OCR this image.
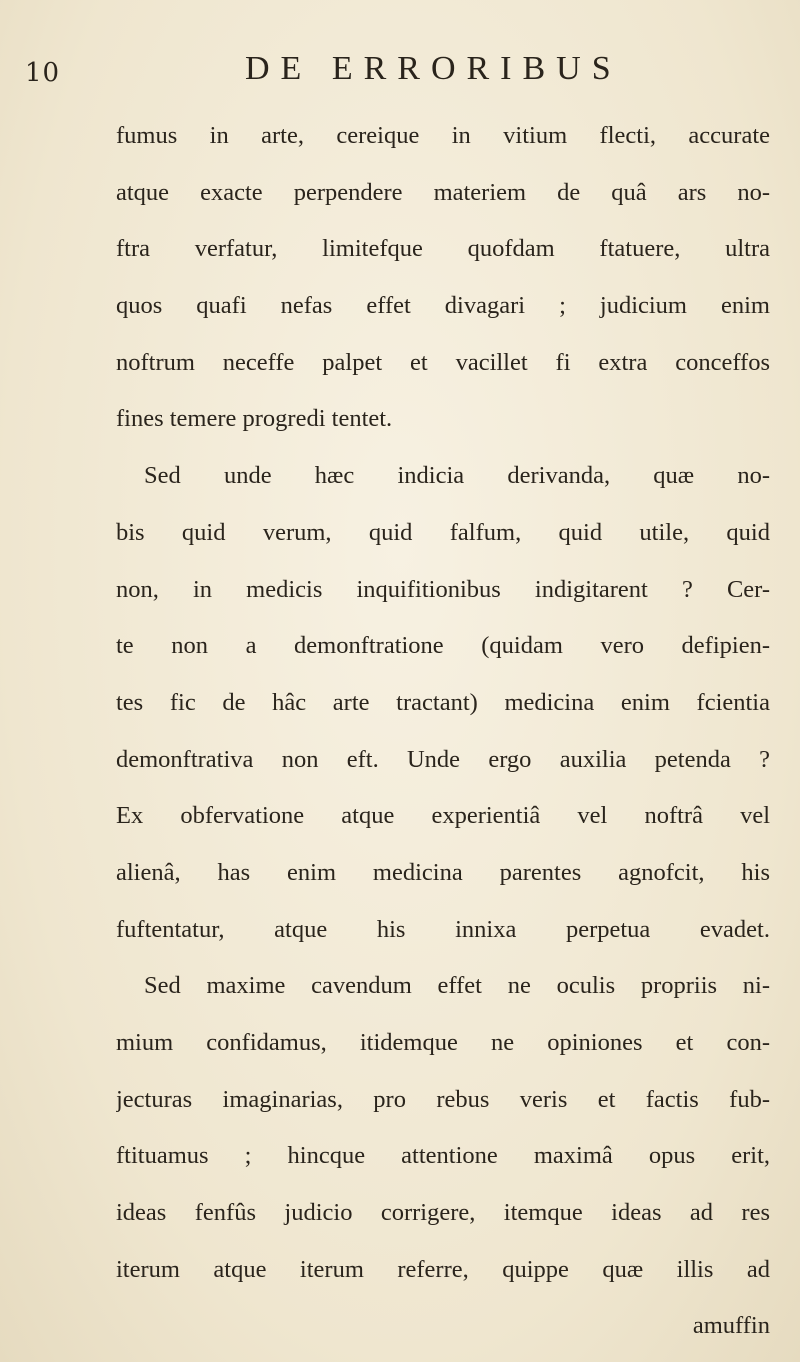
10	DE ERRORIBUS
fumus in arte, cereique in vitium flecti, accurate
atque exacte perpendere materiem de quâ ars no-
ftra verfatur, limitefque quofdam ftatuere, ultra
quos quafi nefas effet divagari ; judicium enim
noftrum neceffe palpet et vacillet fi extra conceffos
fines temere progredi tentet.
Sed unde hæc indicia derivanda, quæ no-
bis quid verum, quid falfum, quid utile, quid
non, in medicis inquifitionibus indigitarent ? Cer-
te non a demonftratione (quidam vero defipien-
tes fic de hâc arte tractant) medicina enim fcientia
demonftrativa non eft. Unde ergo auxilia petenda ?
Ex obfervatione atque experientiâ vel noftrâ vel
alienâ, has enim medicina parentes agnofcit, his
fuftentatur, atque his innixa perpetua evadet.
Sed maxime cavendum effet ne oculis propriis ni-
mium confidamus, itidemque ne opiniones et con-
jecturas imaginarias, pro rebus veris et factis fub-
ftituamus ; hincque attentione maximâ opus erit,
ideas fenfûs judicio corrigere, itemque ideas ad res
iterum atque iterum referre, quippe quæ illis ad
amuffin
